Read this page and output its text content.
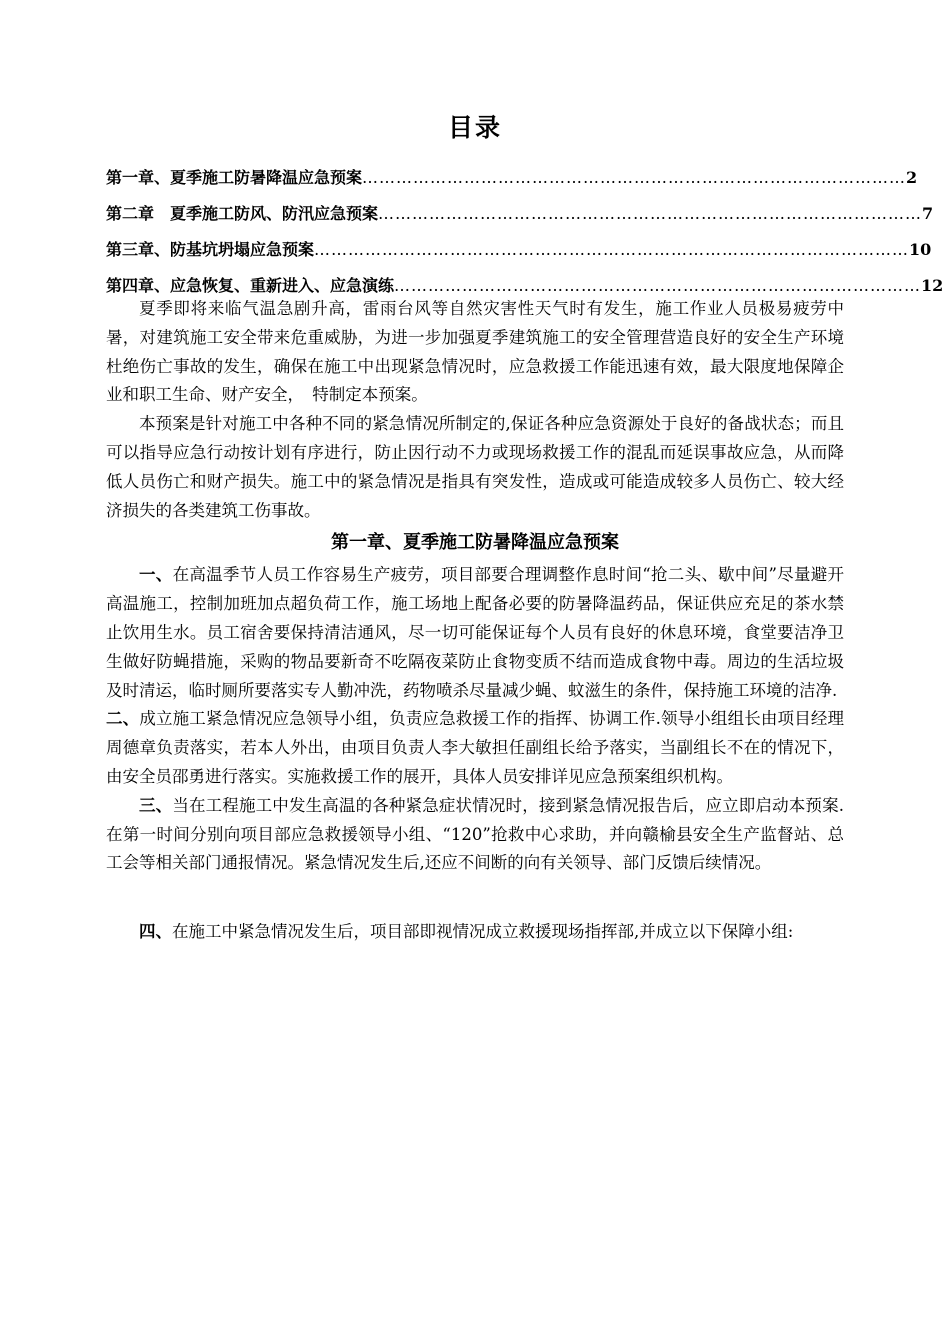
目录
第一章、夏季施工防暑降温应急预案 …………………………………………………………………………………… 2
第二章　夏季施工防风、防汛应急预案 …………………………………………………………………………………… 7
第三章、防基坑坍塌应急预案 …………………………………………………………………………………………… 10
第四章、应急恢复、重新进入、应急演练 ………………………………………………………………………………… 12

夏季即将来临气温急剧升高，雷雨台风等自然灾害性天气时有发生，施工作业人员极易疲劳中暑，对建筑施工安全带来危重威胁，为进一步加强夏季建筑施工的安全管理营造良好的安全生产环境杜绝伤亡事故的发生，确保在施工中出现紧急情况时，应急救援工作能迅速有效，最大限度地保障企业和职工生命、财产安全，　特制定本预案。

本预案是针对施工中各种不同的紧急情况所制定的,保证各种应急资源处于良好的备战状态；而且可以指导应急行动按计划有序进行，防止因行动不力或现场救援工作的混乱而延误事故应急，从而降低人员伤亡和财产损失。施工中的紧急情况是指具有突发性，造成或可能造成较多人员伤亡、较大经济损失的各类建筑工伤事故。

第一章、夏季施工防暑降温应急预案

一、在高温季节人员工作容易生产疲劳，项目部要合理调整作息时间“抢二头、歇中间”尽量避开高温施工，控制加班加点超负荷工作，施工场地上配备必要的防暑降温药品，保证供应充足的茶水禁止饮用生水。员工宿舍要保持清洁通风，尽一切可能保证每个人员有良好的休息环境，食堂要洁净卫生做好防蝇措施，采购的物品要新奇不吃隔夜菜防止食物变质不结而造成食物中毒。周边的生活垃圾及时清运，临时厕所要落实专人勤冲洗，药物喷杀尽量减少蝇、蚊滋生的条件，保持施工环境的洁净.

二、成立施工紧急情况应急领导小组，负责应急救援工作的指挥、协调工作.领导小组组长由项目经理周德章负责落实，若本人外出，由项目负责人李大敏担任副组长给予落实，当副组长不在的情况下，由安全员邵勇进行落实。实施救援工作的展开，具体人员安排详见应急预案组织机构。

三、当在工程施工中发生高温的各种紧急症状情况时，接到紧急情况报告后，应立即启动本预案.在第一时间分别向项目部应急救援领导小组、“120”抢救中心求助，并向赣榆县安全生产监督站、总工会等相关部门通报情况。紧急情况发生后,还应不间断的向有关领导、部门反馈后续情况。

四、在施工中紧急情况发生后，项目部即视情况成立救援现场指挥部,并成立以下保障小组:
